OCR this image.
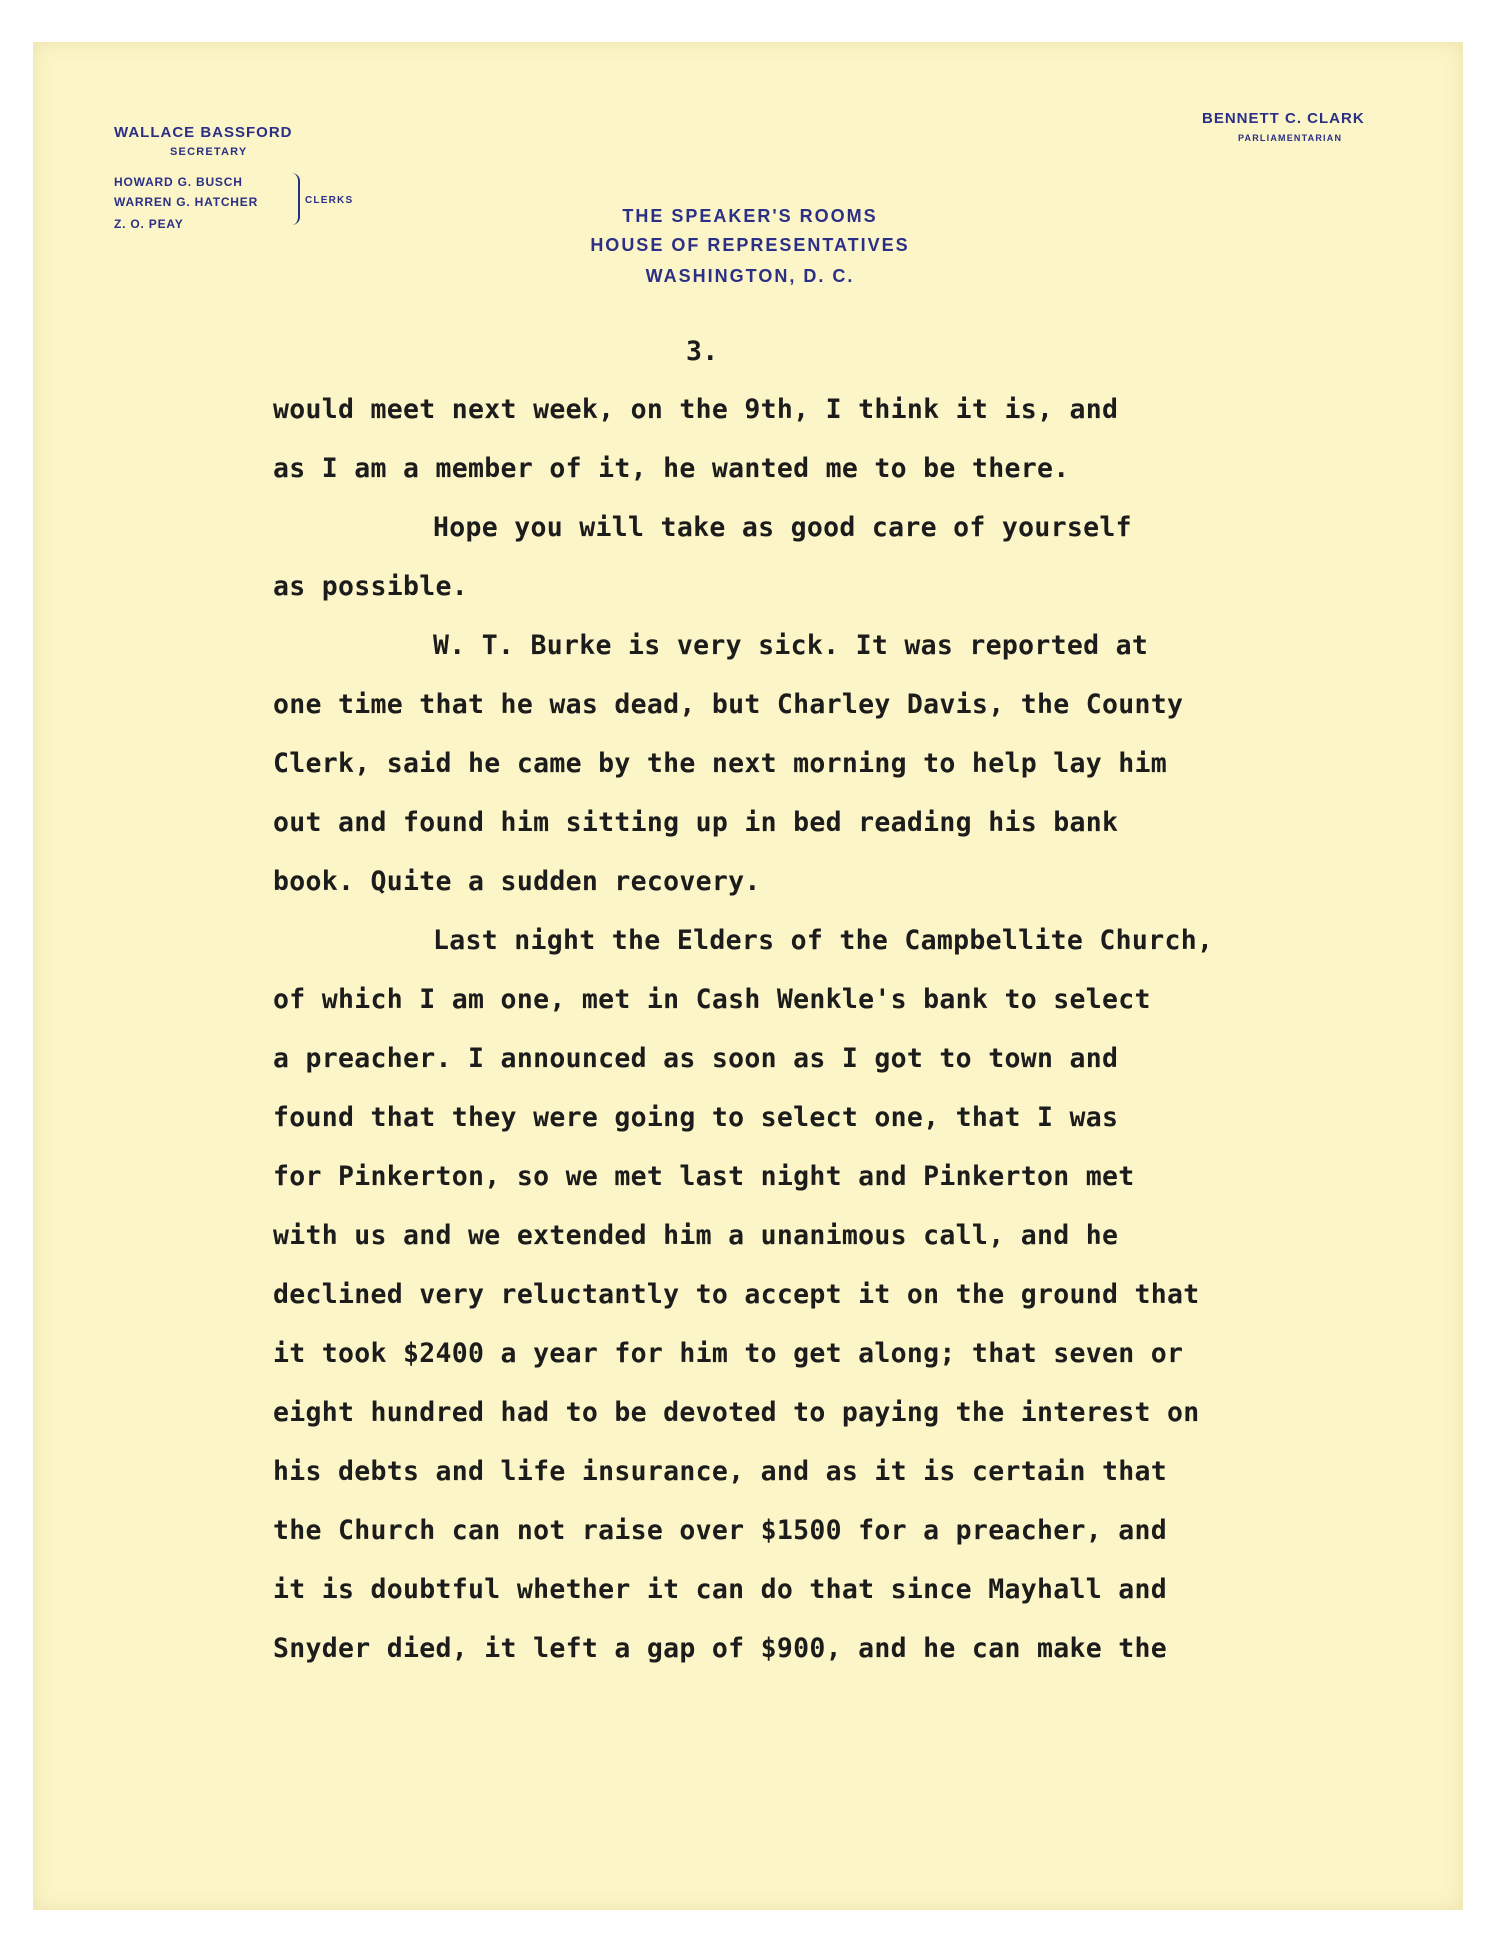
WALLACE BASSFORD
SECRETARY
HOWARD G. BUSCH
WARREN G. HATCHER
Z. O. PEAY
CLERKS
BENNETT C. CLARK
PARLIAMENTARIAN
THE SPEAKER'S ROOMS
HOUSE OF REPRESENTATIVES
WASHINGTON, D. C.
3.
would meet next week, on the 9th, I think it is, and
as I am a member of it, he wanted me to be there.
Hope you will take as good care of yourself
as possible.
W. T. Burke is very sick. It was reported at
one time that he was dead, but Charley Davis, the County
Clerk, said he came by the next morning to help lay him
out and found him sitting up in bed reading his bank
book. Quite a sudden recovery.
Last night the Elders of the Campbellite Church,
of which I am one, met in Cash Wenkle's bank to select
a preacher. I announced as soon as I got to town and
found that they were going to select one, that I was
for Pinkerton, so we met last night and Pinkerton met
with us and we extended him a unanimous call, and he
declined very reluctantly to accept it on the ground that
it took $2400 a year for him to get along; that seven or
eight hundred had to be devoted to paying the interest on
his debts and life insurance, and as it is certain that
the Church can not raise over $1500 for a preacher, and
it is doubtful whether it can do that since Mayhall and
Snyder died, it left a gap of $900, and he can make the
